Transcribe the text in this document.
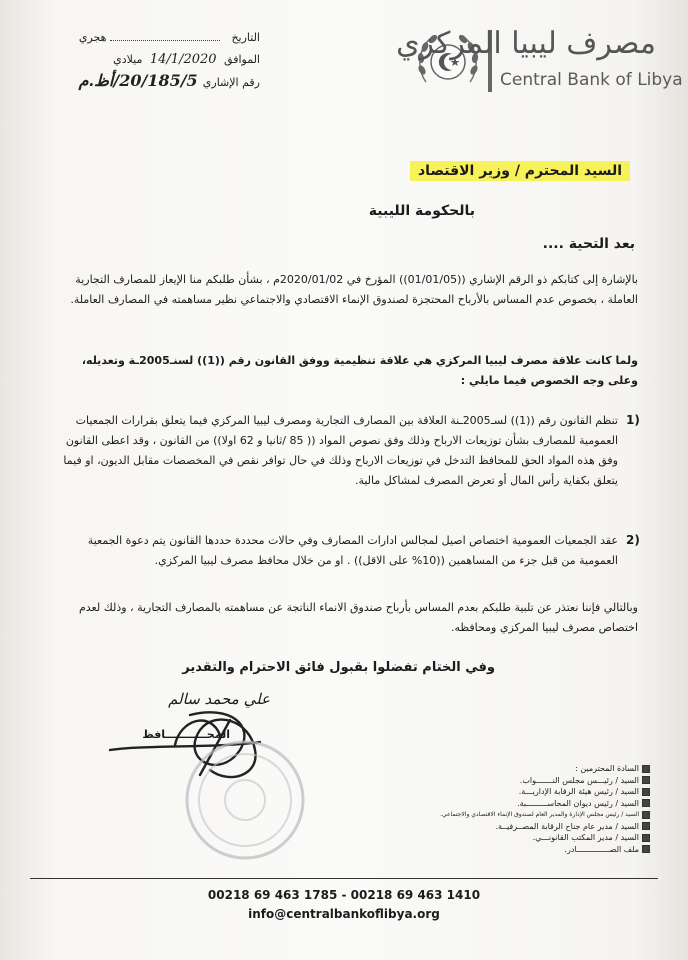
التاريخ  هجري
الموافق 14/1/2020 ميلادي
رقم الإشاري 20/185/5/أظ.م
مصرف ليبيا المركزي
Central Bank of Libya
السيد المحترم / وزير الاقتصاد
بالحكومة الليبية
بعد التحية ....
بالإشارة إلى كتابكم ذو الرقم الإشاري ((01/01/05)) المؤرخ في 2020/01/02م ، بشأن طلبكم منا الإيعاز للمصارف التجارية العاملة ، بخصوص عدم المساس بالأرباح المحتجزة لصندوق الإنماء الاقتصادي والاجتماعي نظير مساهمته في المصارف العاملة.
ولما كانت علاقة مصرف ليبيا المركزي هي علاقة تنظيمية ووفق القانون رقم ((1)) لسنـ2005ـة وتعديله، وعلى وجه الخصوص فيما مايلي :
1)
تنظم القانون رقم ((1)) لسـ2005ـنة العلاقة بين المصارف التجارية ومصرف ليبيا المركزي فيما يتعلق بقرارات الجمعيات العمومية للمصارف بشأن توزيعات الارباح وذلك وفق نصوص المواد (( 85 /ثانيا و 62 اولا)) من القانون ، وقد اعطى القانون وفق هذه المواد الحق للمحافظ التدخل في توزيعات الارباح وذلك في حال توافر نقص في المخصصات مقابل الديون، او فيما يتعلق بكفاية رأس المال أو تعرض المصرف لمشاكل مالية.
2)
عقد الجمعيات العمومية اختصاص اصيل لمجالس ادارات المصارف وفي حالات محددة حددها القانون يتم دعوة الجمعية العمومية من قبل جزء من المساهمين ((10% على الاقل)) . او من خلال محافظ مصرف ليبيا المركزي.
وبالتالي فإننا نعتذر عن تلبية طلبكم بعدم المساس بأرباح صندوق الانماء الناتجة عن مساهمته بالمصارف التجارية ، وذلك لعدم اختصاص مصرف ليبيا المركزي ومحافظه.
وفي الختام تفضلوا بقبول فائق الاحترام والتقدير
علي محمد سالم
المحـــــــــــافظ
السادة المحترمين :
السيد / رئيـــس مجلس النـــــــواب.
السيد / رئيس هيئة الرقابة الإداريـــة.
السيد / رئيس ديوان المحاســـــــــبة.
السيد / رئيس مجلس الإدارة والمدير العام لصندوق الإنماء الاقتصادي والاجتماعي.
السيد / مدير عام جناح الرقابة المصــرفيــة.
السيد / مدير المكتب القانونـــي.
ملف الصــــــــــــــادر.
00218 69 463 1785 - 00218 69 463 1410
info@centralbankoflibya.org
